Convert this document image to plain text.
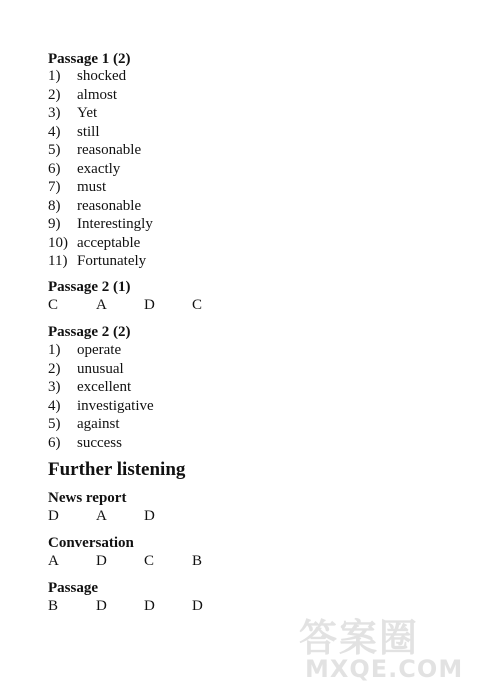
Passage 1 (2)
1) shocked
2) almost
3) Yet
4) still
5) reasonable
6) exactly
7) must
8) reasonable
9) Interestingly
10) acceptable
11) Fortunately
Passage 2 (1)
C	A D C
Passage 2 (2)
1) operate
2) unusual
3) excellent
4) investigative
5) against
6) success
Further listening
News report
D A D
Conversation
A D C	B
Passage
B	D D D
答案圈
MXQE.COM
